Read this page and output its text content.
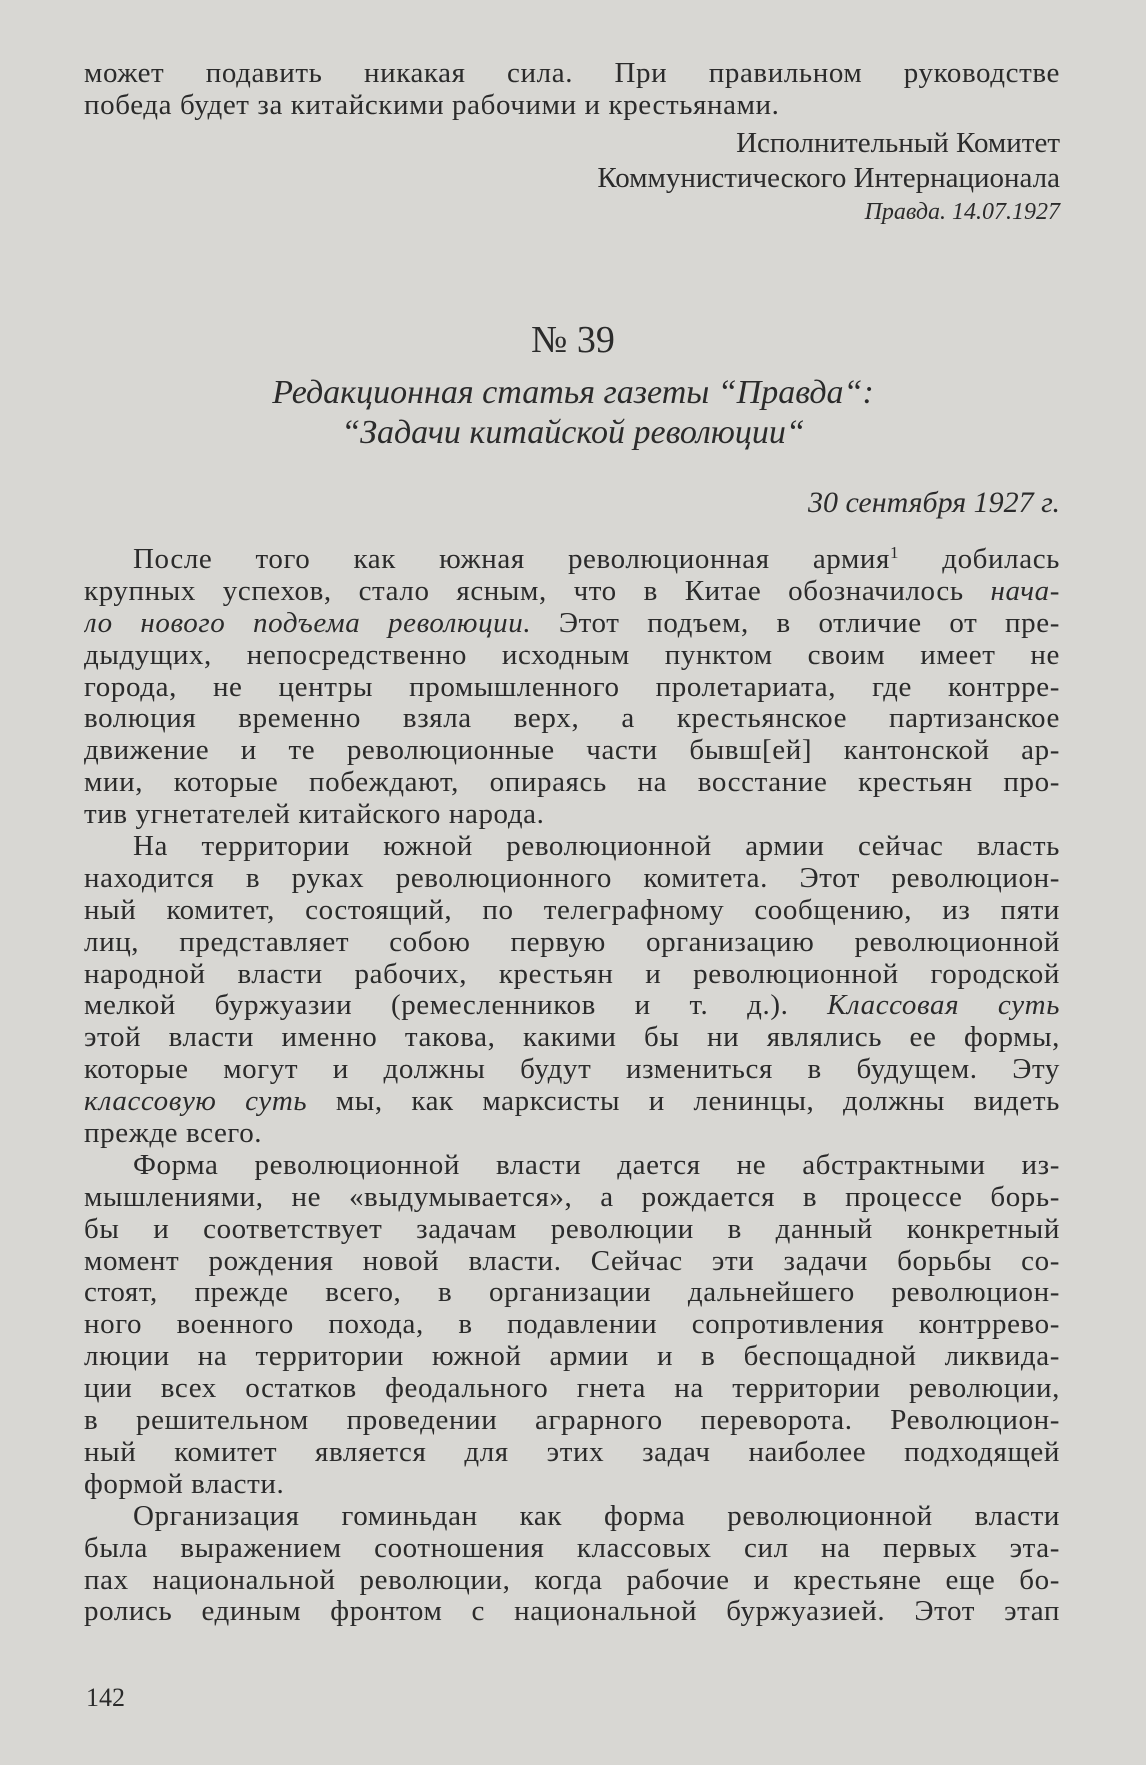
может подавить никакая сила. При правильном руководстве
победа будет за китайскими рабочими и крестьянами.
Исполнительный Комитет
Коммунистического Интернационала
Правда. 14.07.1927
№ 39
Редакционная статья газеты “Правда“:
“Задачи китайской революции“
30 сентября 1927 г.
После того как южная революционная армия$^1$ добилась
крупных успехов, стало ясным, что в Китае обозначилось нача-
ло нового подъема революции. Этот подъем, в отличие от пре-
дыдущих, непосредственно исходным пунктом своим имеет не
города, не центры промышленного пролетариата, где контрре-
волюция временно взяла верх, а крестьянское партизанское
движение и те революционные части бывш[ей] кантонской ар-
мии, которые побеждают, опираясь на восстание крестьян про-
тив угнетателей китайского народа.
На территории южной революционной армии сейчас власть
находится в руках революционного комитета. Этот революцион-
ный комитет, состоящий, по телеграфному сообщению, из пяти
лиц, представляет собою первую организацию революционной
народной власти рабочих, крестьян и революционной городской
мелкой буржуазии (ремесленников и т. д.). Классовая суть
этой власти именно такова, какими бы ни являлись ее формы,
которые могут и должны будут измениться в будущем. Эту
классовую суть мы, как марксисты и ленинцы, должны видеть
прежде всего.
Форма революционной власти дается не абстрактными из-
мышлениями, не «выдумывается», а рождается в процессе борь-
бы и соответствует задачам революции в данный конкретный
момент рождения новой власти. Сейчас эти задачи борьбы со-
стоят, прежде всего, в организации дальнейшего революцион-
ного военного похода, в подавлении сопротивления контррево-
люции на территории южной армии и в беспощадной ликвида-
ции всех остатков феодального гнета на территории революции,
в решительном проведении аграрного переворота. Революцион-
ный комитет является для этих задач наиболее подходящей
формой власти.
Организация гоминьдан как форма революционной власти
была выражением соотношения классовых сил на первых эта-
пах национальной революции, когда рабочие и крестьяне еще бо-
ролись единым фронтом с национальной буржуазией. Этот этап
142
